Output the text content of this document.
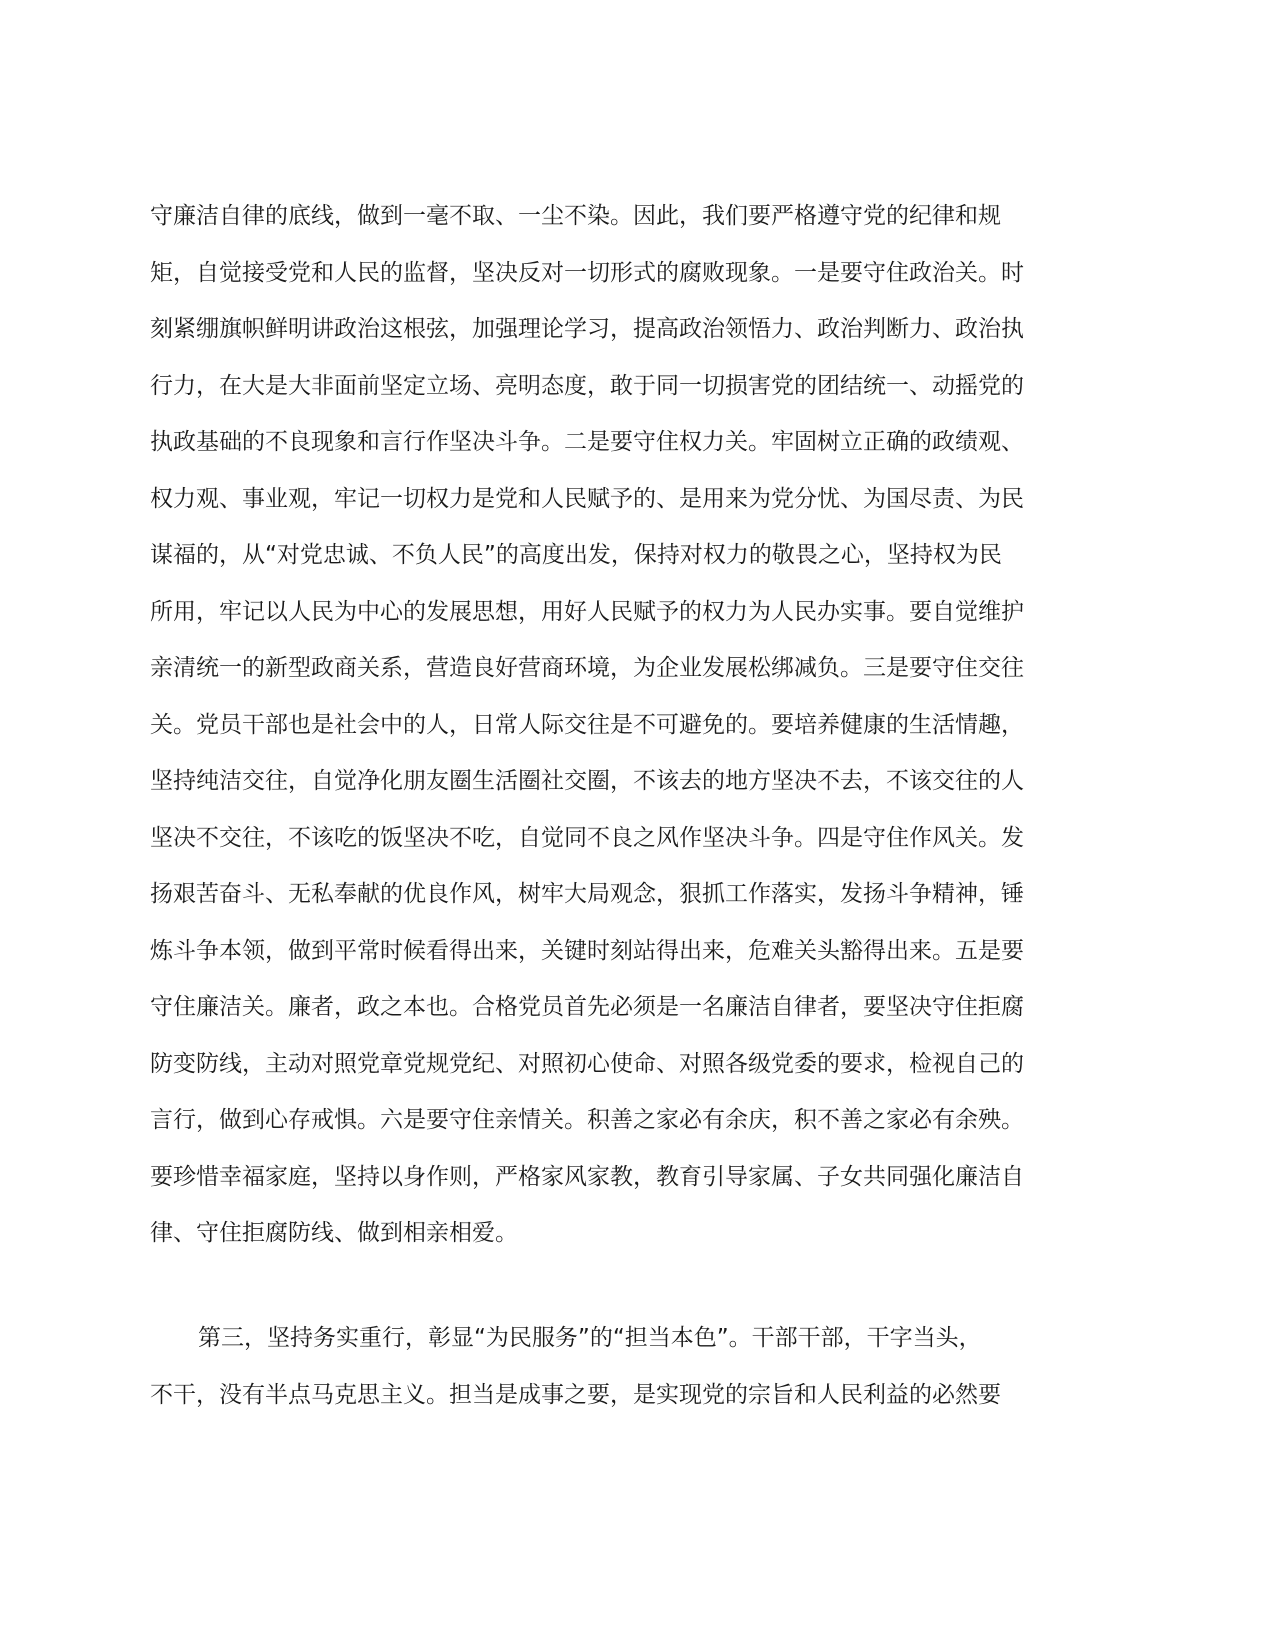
守廉洁自律的底线，做到一毫不取、一尘不染。因此，我们要严格遵守党的纪律和规
矩，自觉接受党和人民的监督，坚决反对一切形式的腐败现象。一是要守住政治关。时
刻紧绷旗帜鲜明讲政治这根弦，加强理论学习，提高政治领悟力、政治判断力、政治执
行力，在大是大非面前坚定立场、亮明态度，敢于同一切损害党的团结统一、动摇党的
执政基础的不良现象和言行作坚决斗争。二是要守住权力关。牢固树立正确的政绩观、
权力观、事业观，牢记一切权力是党和人民赋予的、是用来为党分忧、为国尽责、为民
谋福的，从“对党忠诚、不负人民”的高度出发，保持对权力的敬畏之心，坚持权为民
所用，牢记以人民为中心的发展思想，用好人民赋予的权力为人民办实事。要自觉维护
亲清统一的新型政商关系，营造良好营商环境，为企业发展松绑减负。三是要守住交往
关。党员干部也是社会中的人，日常人际交往是不可避免的。要培养健康的生活情趣，
坚持纯洁交往，自觉净化朋友圈生活圈社交圈，不该去的地方坚决不去，不该交往的人
坚决不交往，不该吃的饭坚决不吃，自觉同不良之风作坚决斗争。四是守住作风关。发
扬艰苦奋斗、无私奉献的优良作风，树牢大局观念，狠抓工作落实，发扬斗争精神，锤
炼斗争本领，做到平常时候看得出来，关键时刻站得出来，危难关头豁得出来。五是要
守住廉洁关。廉者，政之本也。合格党员首先必须是一名廉洁自律者，要坚决守住拒腐
防变防线，主动对照党章党规党纪、对照初心使命、对照各级党委的要求，检视自己的
言行，做到心存戒惧。六是要守住亲情关。积善之家必有余庆，积不善之家必有余殃。
要珍惜幸福家庭，坚持以身作则，严格家风家教，教育引导家属、子女共同强化廉洁自
律、守住拒腐防线、做到相亲相爱。
第三，坚持务实重行，彰显“为民服务”的“担当本色”。干部干部，干字当头，
不干，没有半点马克思主义。担当是成事之要，是实现党的宗旨和人民利益的必然要
